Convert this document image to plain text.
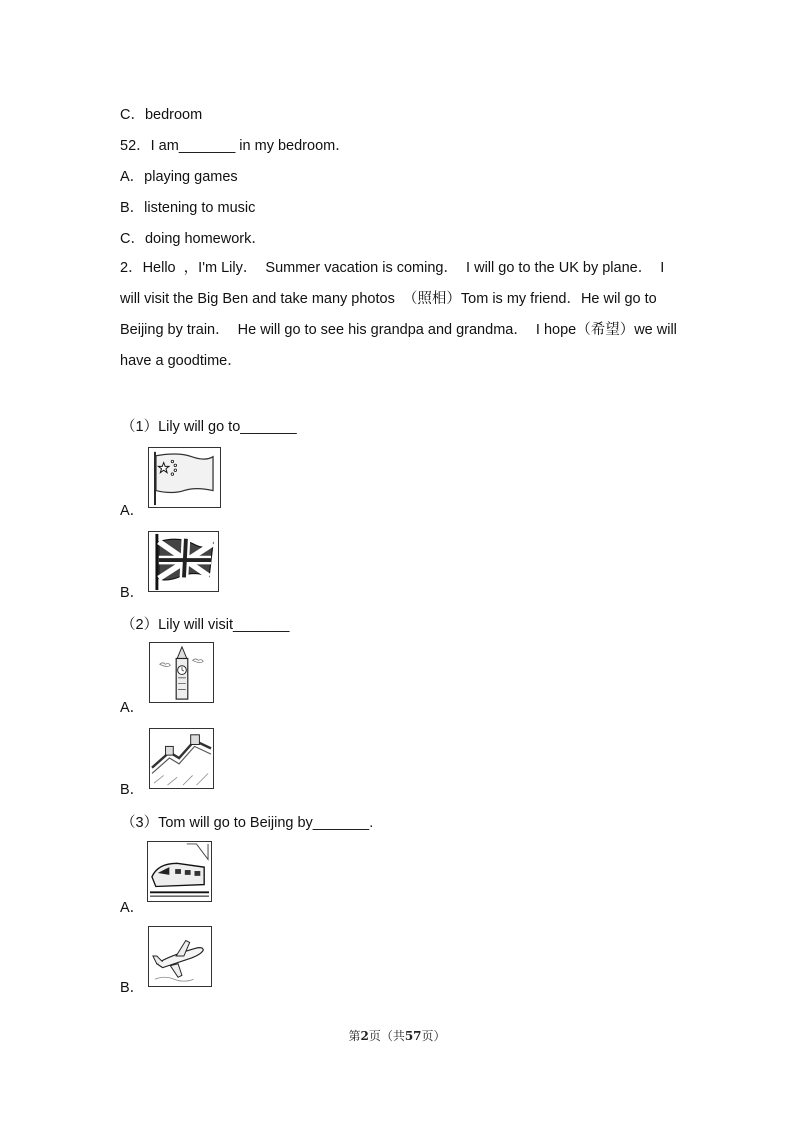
C．bedroom
52．I am_______ in my bedroom．
A．playing games
B．listening to music
C．doing homework．
2． Hello  ，I'm Lily．  Summer vacation is coming．  I will go to the UK by plane．  I
will visit the Big Ben and take many photos  （照相）Tom is my friend．He wil go to
Beijing by train．  He will go to see his grandpa and grandma．  I hope（希望）we will
have a goodtime．
（1）Lily will go to_______
A．
B．
（2）Lily will visit_______
A．
B．
（3）Tom will go to Beijing by_______.
A．
B．
第2页（共57页）
